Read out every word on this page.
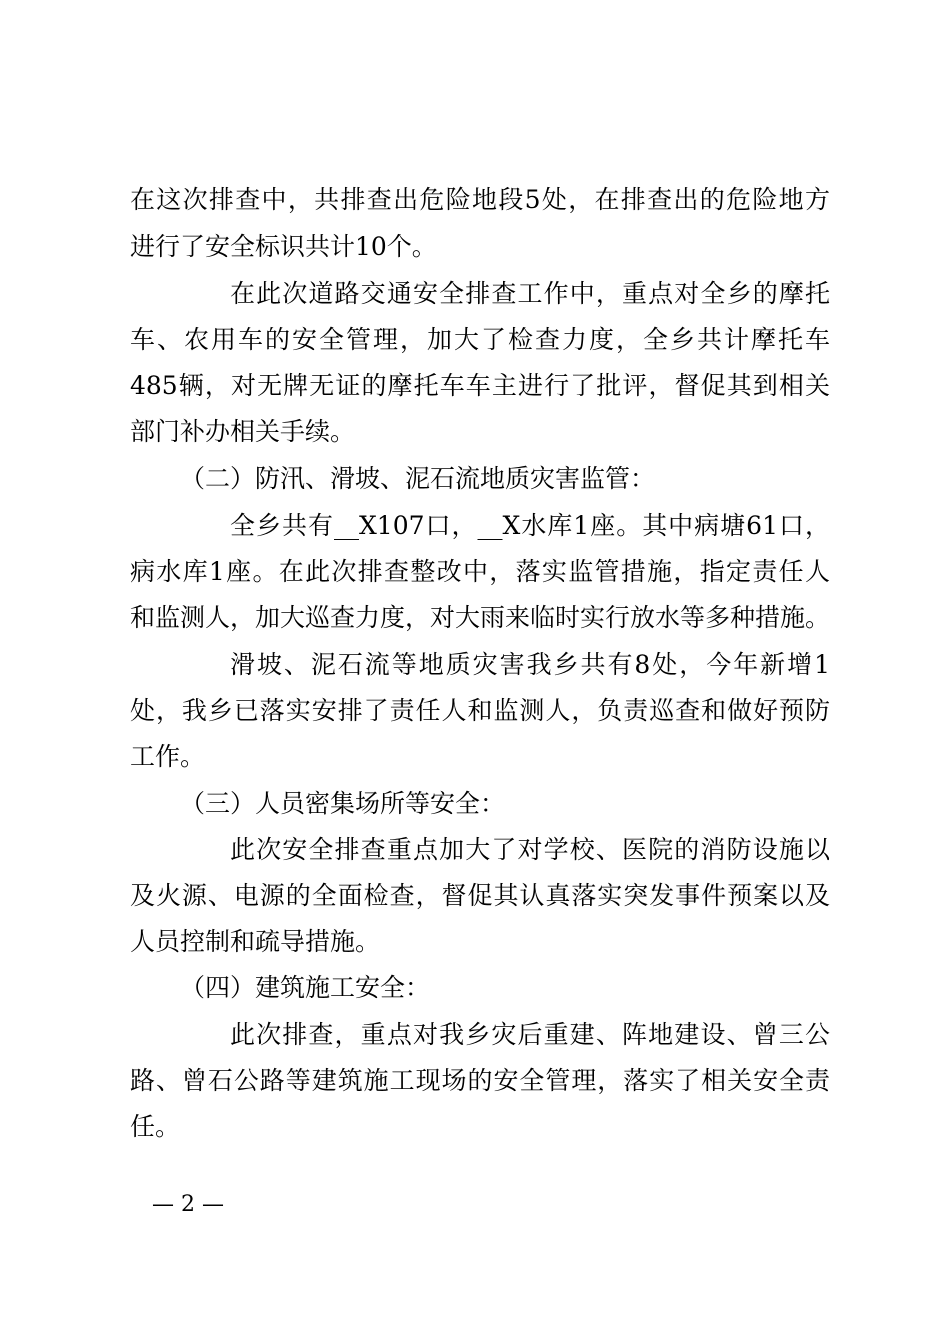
在这次排查中，共排查出危险地段5处，在排查出的危险地方
进行了安全标识共计10个。
在此次道路交通安全排查工作中，重点对全乡的摩托
车、农用车的安全管理，加大了检查力度，全乡共计摩托车
485辆，对无牌无证的摩托车车主进行了批评，督促其到相关
部门补办相关手续。
（二）防汛、滑坡、泥石流地质灾害监管：
全乡共有__X107口，__X水库1座。其中病塘61口，
病水库1座。在此次排查整改中，落实监管措施，指定责任人
和监测人，加大巡查力度，对大雨来临时实行放水等多种措施。
滑坡、泥石流等地质灾害我乡共有8处，今年新增1
处，我乡已落实安排了责任人和监测人，负责巡查和做好预防
工作。
（三）人员密集场所等安全：
此次安全排查重点加大了对学校、医院的消防设施以
及火源、电源的全面检查，督促其认真落实突发事件预案以及
人员控制和疏导措施。
（四）建筑施工安全：
此次排查，重点对我乡灾后重建、阵地建设、曾三公
路、曾石公路等建筑施工现场的安全管理，落实了相关安全责
任。
— 2 —
